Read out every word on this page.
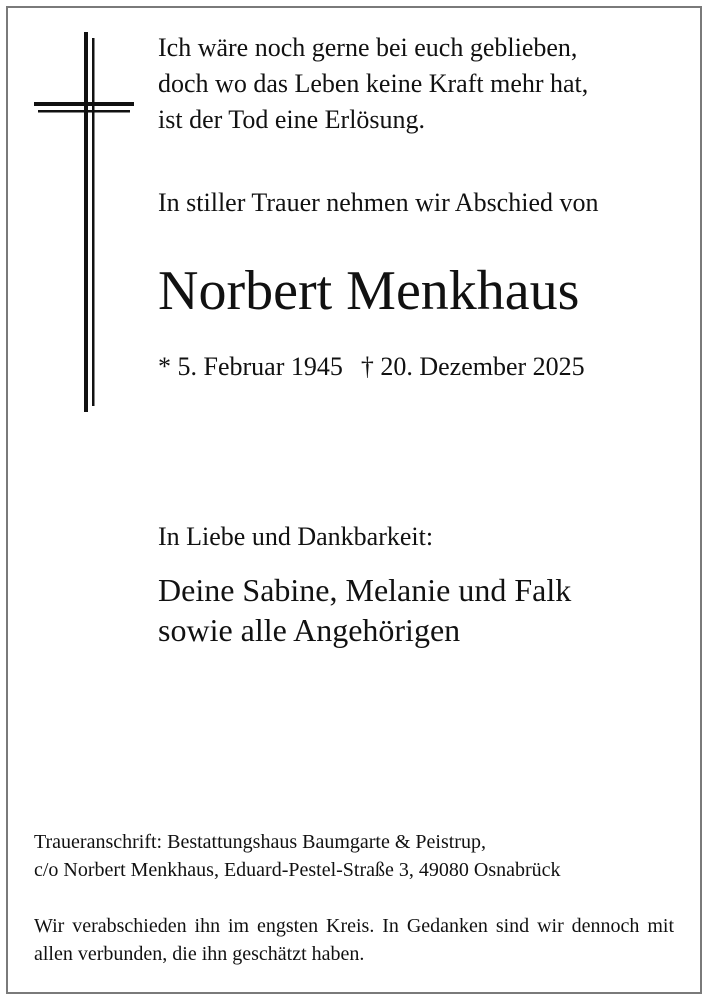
Ich wäre noch gerne bei euch geblieben,
doch wo das Leben keine Kraft mehr hat,
ist der Tod eine Erlösung.
In stiller Trauer nehmen wir Abschied von
Norbert Menkhaus
* 5. Februar 1945 † 20. Dezember 2025
In Liebe und Dankbarkeit:
Deine Sabine, Melanie und Falk
sowie alle Angehörigen
Traueranschrift: Bestattungshaus Baumgarte & Peistrup,
c/o Norbert Menkhaus, Eduard-Pestel-Straße 3, 49080 Osnabrück
Wir verabschieden ihn im engsten Kreis. In Gedanken sind wir dennoch mit allen verbunden, die ihn geschätzt haben.
